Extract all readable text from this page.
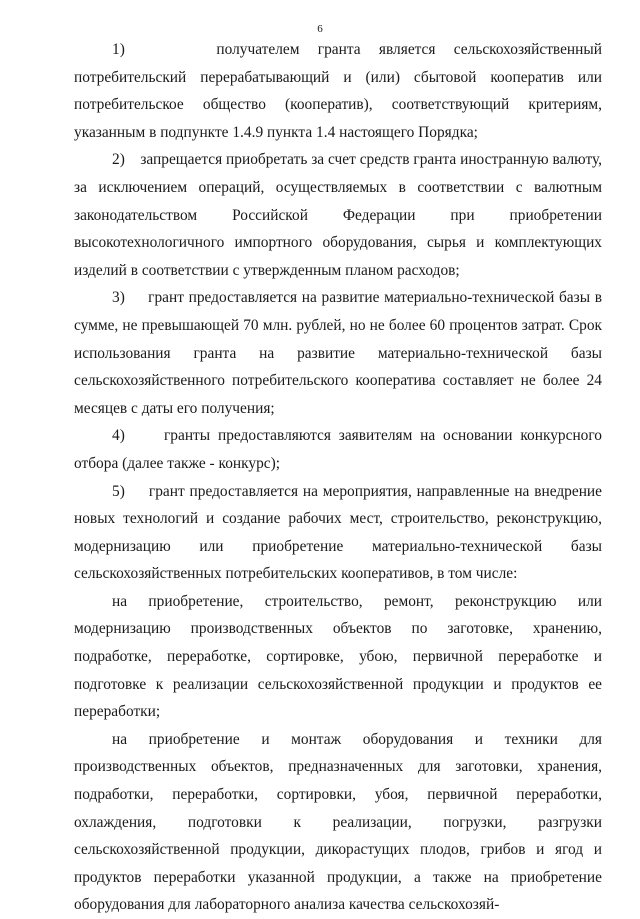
6

1)     получателем гранта является сельскохозяйственный потребительский перерабатывающий и (или) сбытовой кооператив или потребительское общество (кооператив), соответствующий критериям, указанным в подпункте 1.4.9 пункта 1.4 настоящего Порядка;

2)    запрещается приобретать за счет средств гранта иностранную валюту, за исключением операций, осуществляемых в соответствии с валютным законодательством Российской Федерации при приобретении высокотехнологичного импортного оборудования, сырья и комплектующих изделий в соответствии с утвержденным планом расходов;

3)     грант предоставляется на развитие материально-технической базы в сумме, не превышающей 70 млн. рублей, но не более 60 процентов затрат. Срок использования гранта на развитие материально-технической базы сельскохозяйственного потребительского кооператива составляет не более 24 месяцев с даты его получения;

4)     гранты предоставляются заявителям на основании конкурсного отбора (далее также - конкурс);

5)     грант предоставляется на мероприятия, направленные на внедрение новых технологий и создание рабочих мест, строительство, реконструкцию, модернизацию или приобретение материально-технической базы сельскохозяйственных потребительских кооперативов, в том числе:

на приобретение, строительство, ремонт, реконструкцию или модернизацию производственных объектов по заготовке, хранению, подработке, переработке, сортировке, убою, первичной переработке и подготовке к реализации сельскохозяйственной продукции и продуктов ее переработки;

на приобретение и монтаж оборудования и техники для производственных объектов, предназначенных для заготовки, хранения, подработки, переработки, сортировки, убоя, первичной переработки, охлаждения, подготовки к реализации, погрузки, разгрузки сельскохозяйственной продукции, дикорастущих плодов, грибов и ягод и продуктов переработки указанной продукции, а также на приобретение оборудования для лабораторного анализа качества сельскохозяй-
